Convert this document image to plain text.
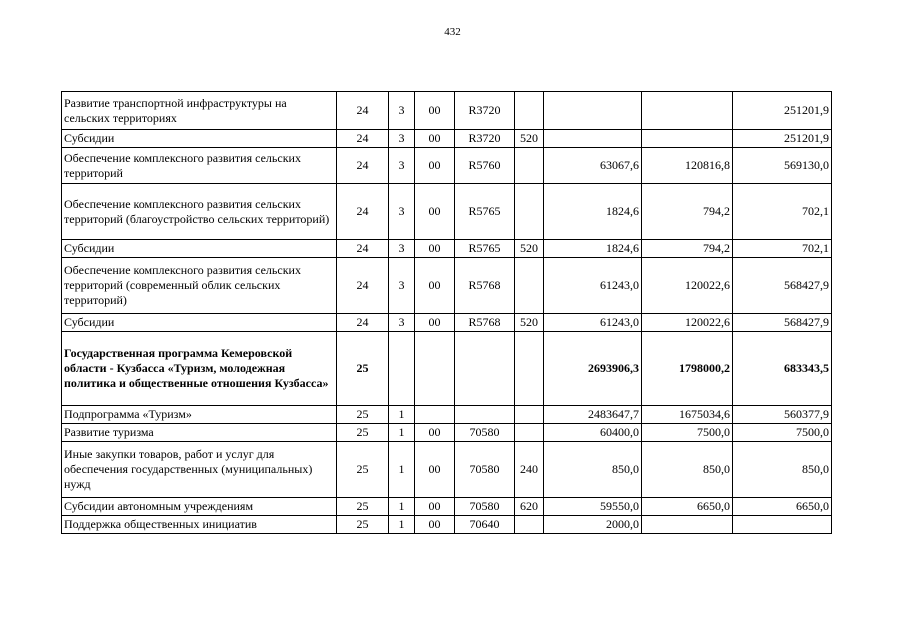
432
Развитие транспортной инфраструктуры на сельских территориях	24	3	00	R3720				251201,9
Субсидии	24	3	00	R3720	520			251201,9
Обеспечение комплексного развития сельских территорий	24	3	00	R5760		63067,6	120816,8	569130,0
Обеспечение комплексного развития сельских территорий (благоустройство сельских территорий)	24	3	00	R5765		1824,6	794,2	702,1
Субсидии	24	3	00	R5765	520	1824,6	794,2	702,1
Обеспечение комплексного развития сельских территорий (современный облик сельских территорий)	24	3	00	R5768		61243,0	120022,6	568427,9
Субсидии	24	3	00	R5768	520	61243,0	120022,6	568427,9
Государственная программа Кемеровской области - Кузбасса «Туризм, молодежная политика и общественные отношения Кузбасса»	25					2693906,3	1798000,2	683343,5
Подпрограмма «Туризм»	25	1				2483647,7	1675034,6	560377,9
Развитие туризма	25	1	00	70580		60400,0	7500,0	7500,0
Иные закупки товаров, работ и услуг для обеспечения государственных (муниципальных) нужд	25	1	00	70580	240	850,0	850,0	850,0
Субсидии автономным учреждениям	25	1	00	70580	620	59550,0	6650,0	6650,0
Поддержка общественных инициатив	25	1	00	70640		2000,0		
